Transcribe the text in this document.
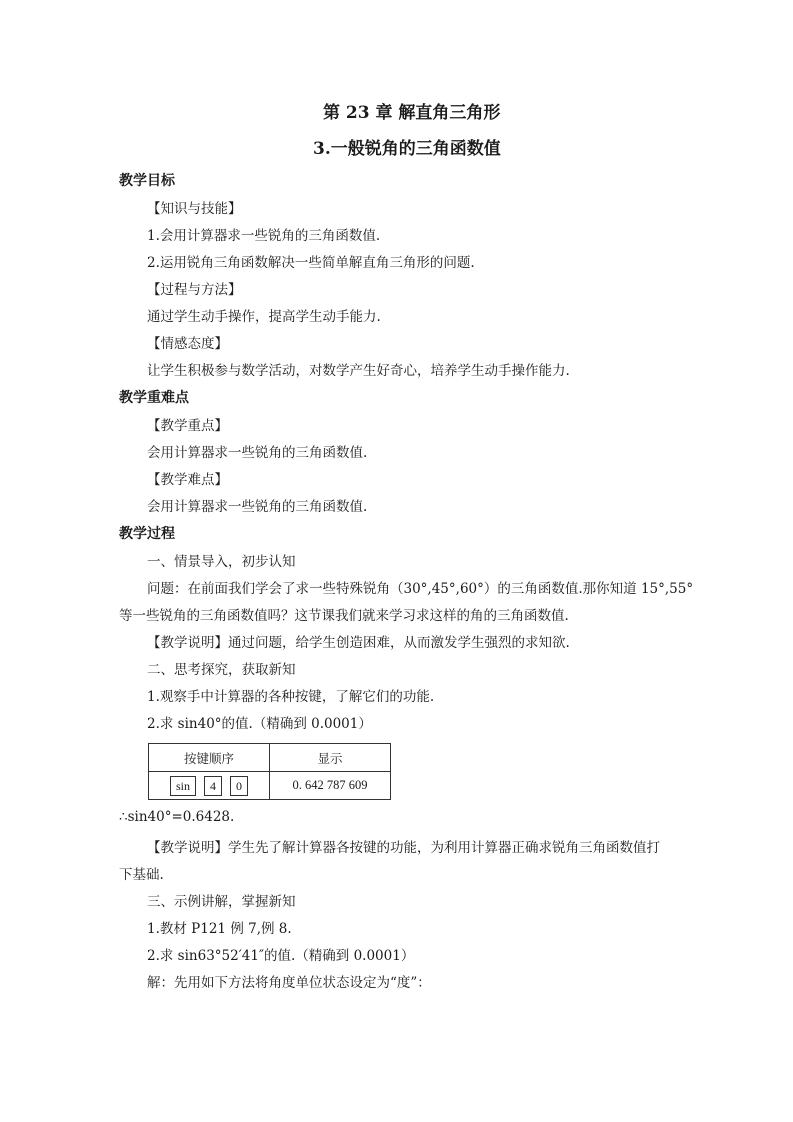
第 23 章 解直角三角形
3.一般锐角的三角函数值
教学目标
【知识与技能】
1.会用计算器求一些锐角的三角函数值.
2.运用锐角三角函数解决一些简单解直角三角形的问题.
【过程与方法】
通过学生动手操作，提高学生动手能力.
【情感态度】
让学生积极参与数学活动，对数学产生好奇心，培养学生动手操作能力.
教学重难点
【教学重点】
会用计算器求一些锐角的三角函数值.
【教学难点】
会用计算器求一些锐角的三角函数值.
教学过程
一、情景导入，初步认知
问题：在前面我们学会了求一些特殊锐角（30°,45°,60°）的三角函数值.那你知道 15°,55°
等一些锐角的三角函数值吗？这节课我们就来学习求这样的角的三角函数值.
【教学说明】通过问题，给学生创造困难，从而激发学生强烈的求知欲.
二、思考探究，获取新知
1.观察手中计算器的各种按键，了解它们的功能.
2.求 sin40°的值.（精确到 0.0001）
按键顺序	显示
sin 4 0	0. 642 787 609
∴sin40°=0.6428.
【教学说明】学生先了解计算器各按键的功能，为利用计算器正确求锐角三角函数值打
下基础.
三、示例讲解，掌握新知
1.教材 P121 例 7,例 8.
2.求 sin63°52′41″的值.（精确到 0.0001）
解：先用如下方法将角度单位状态设定为“度”：
